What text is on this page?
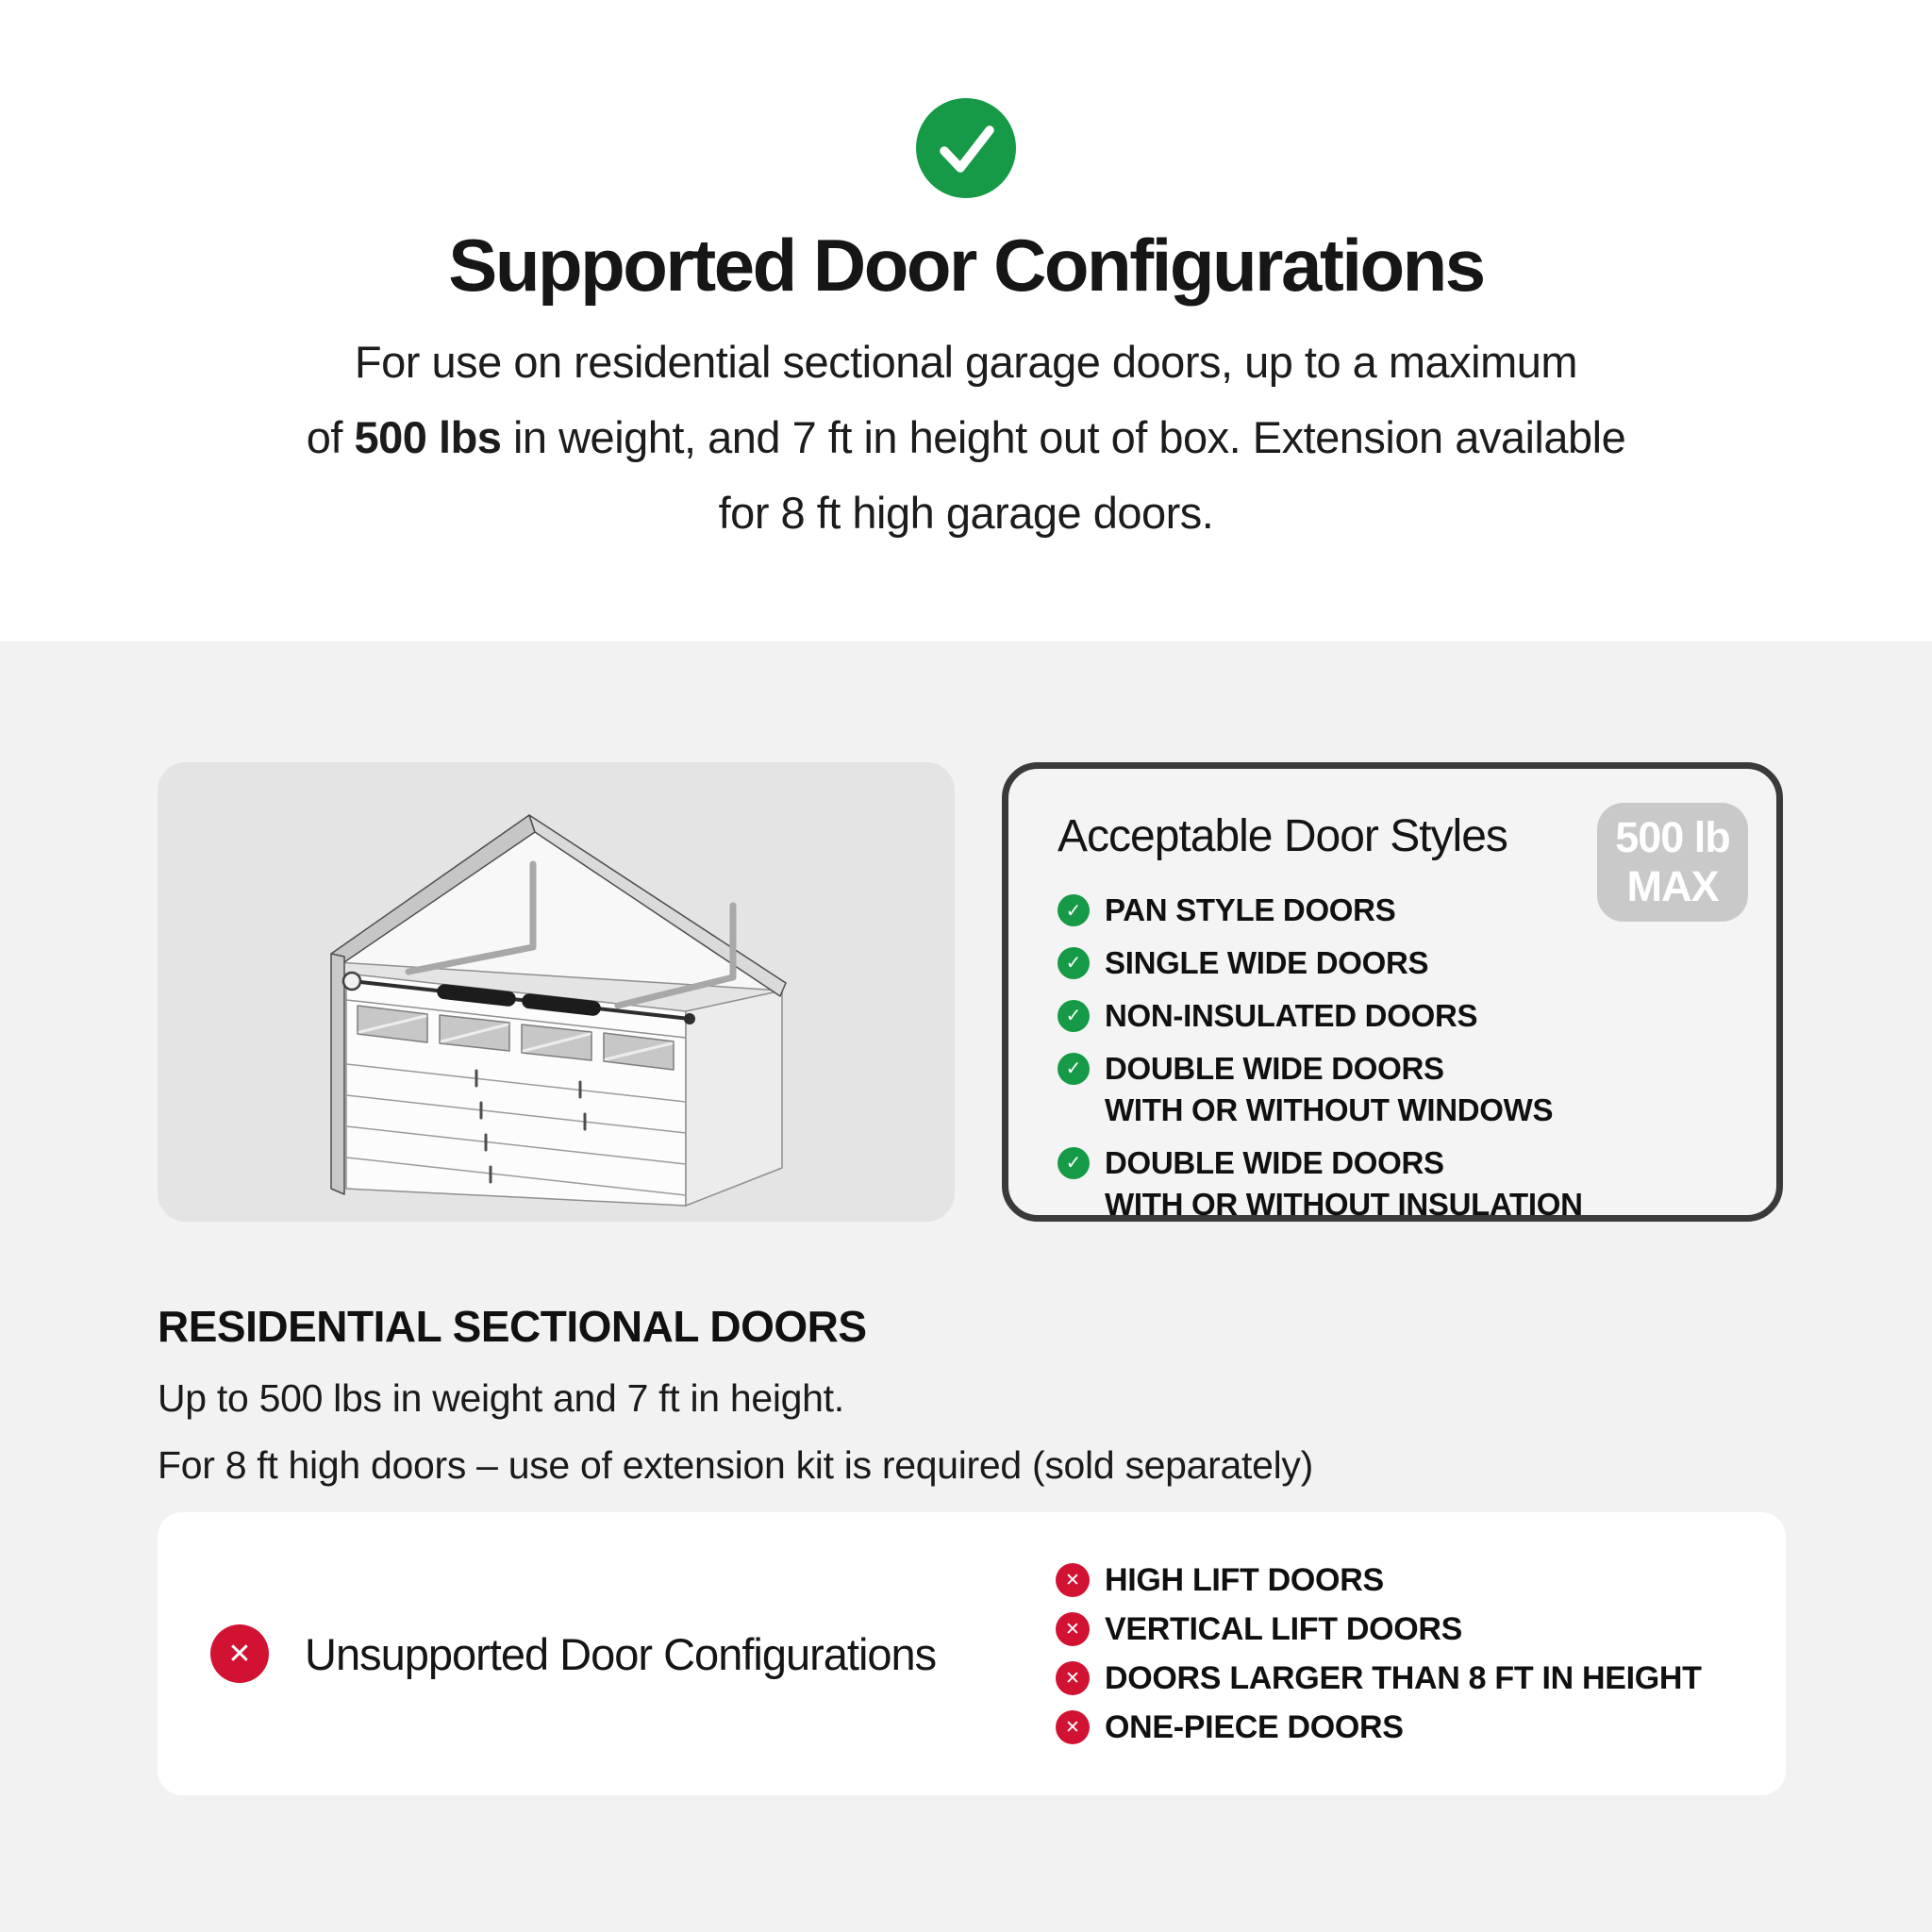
Supported Door Configurations
For use on residential sectional garage doors, up to a maximum
of 500 lbs in weight, and 7 ft in height out of box. Extension available
for 8 ft high garage doors.
Acceptable Door Styles	500 lb
MAX
✓ PAN STYLE DOORS
✓ SINGLE WIDE DOORS
✓ NON-INSULATED DOORS
✓ DOUBLE WIDE DOORS
WITH OR WITHOUT WINDOWS
✓ DOUBLE WIDE DOORS
WITH OR WITHOUT INSULATION
RESIDENTIAL SECTIONAL DOORS
Up to 500 lbs in weight and 7 ft in height.
For 8 ft high doors – use of extension kit is required (sold separately)
✕	Unsupported Door Configurations
✕ HIGH LIFT DOORS
✕ VERTICAL LIFT DOORS
✕ DOORS LARGER THAN 8 FT IN HEIGHT
✕ ONE-PIECE DOORS
